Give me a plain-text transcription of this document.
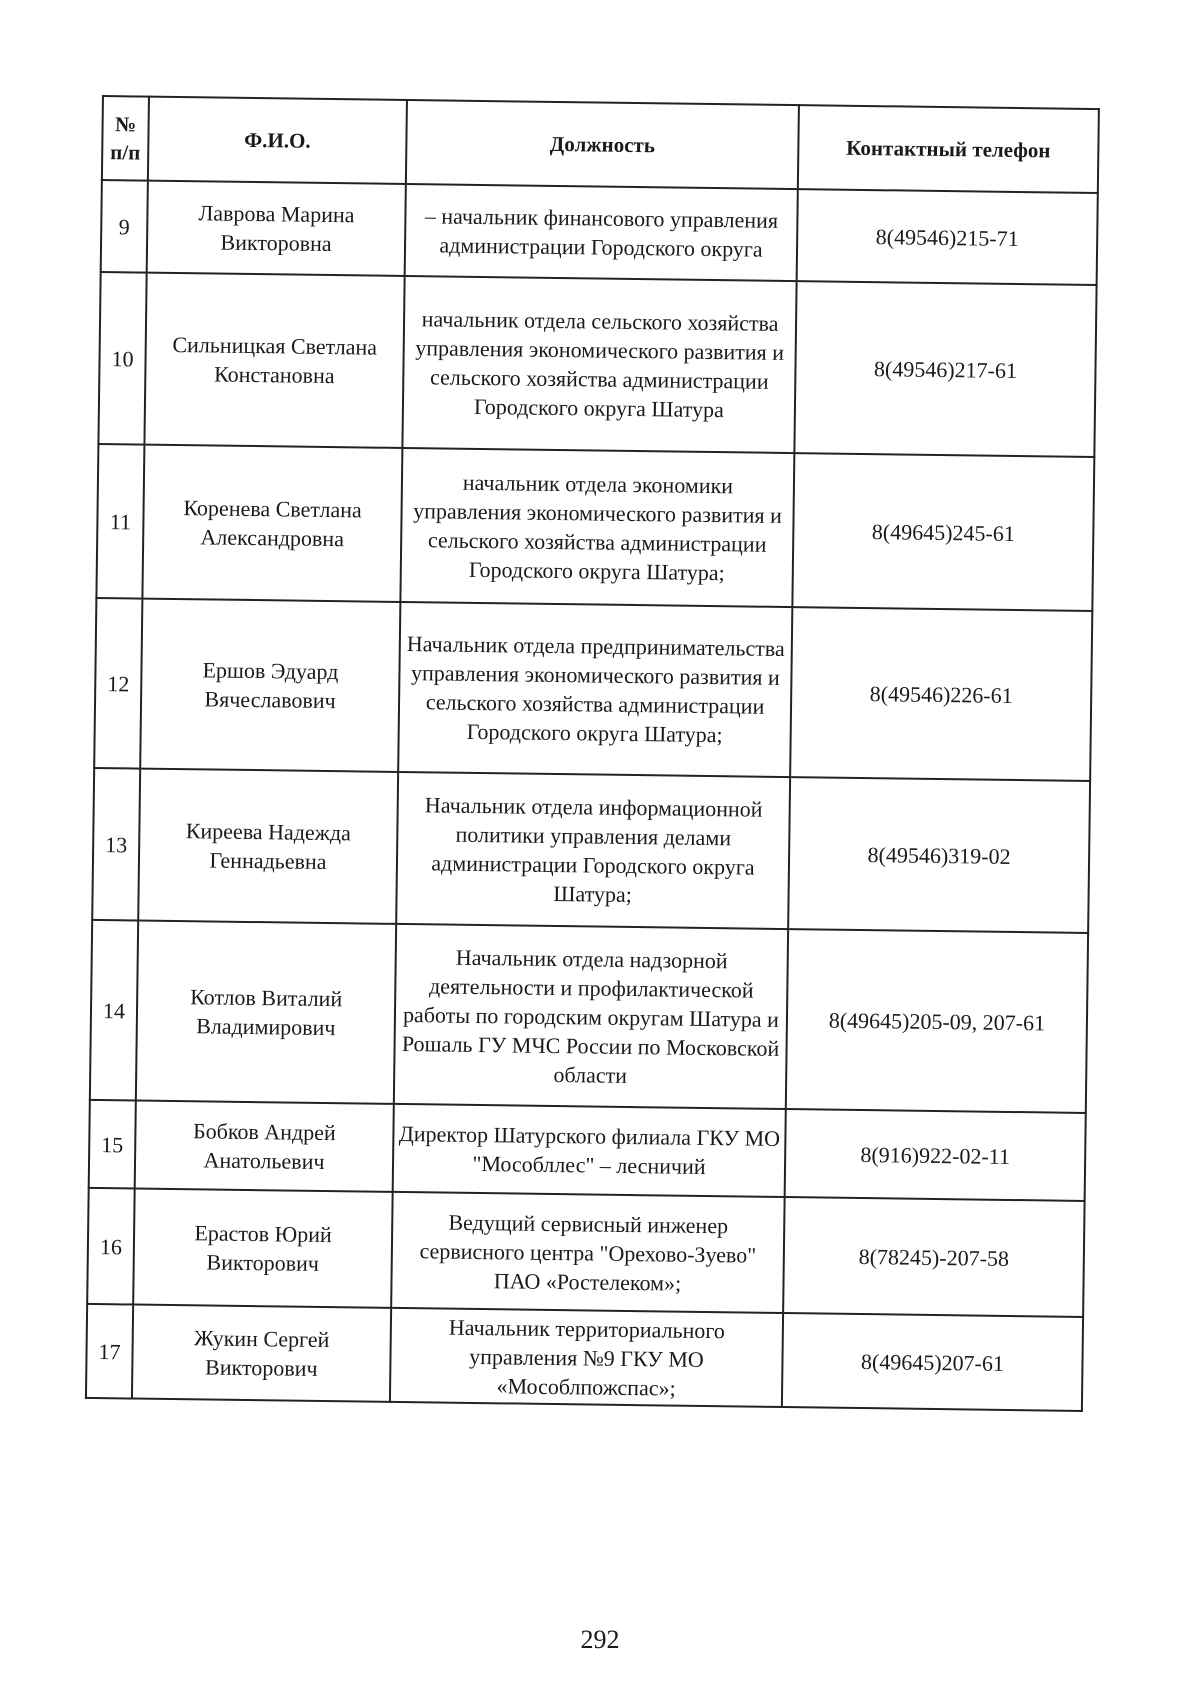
№ п/п	Ф.И.О.	Должность	Контактный телефон
9	Лаврова Марина Викторовна	– начальник финансового управления администрации Городского округа	8(49546)215-71
10	Сильницкая Светлана Констановна	начальник отдела сельского хозяйства управления экономического развития и сельского хозяйства администрации Городского округа Шатура	8(49546)217-61
11	Коренева Светлана Александровна	начальник отдела экономики управления экономического развития и сельского хозяйства администрации Городского округа Шатура;	8(49645)245-61
12	Ершов Эдуард Вячеславович	Начальник отдела предпринимательства управления экономического развития и сельского хозяйства администрации Городского округа Шатура;	8(49546)226-61
13	Киреева Надежда Геннадьевна	Начальник отдела информационной политики управления делами администрации Городского округа Шатура;	8(49546)319-02
14	Котлов Виталий Владимирович	Начальник отдела надзорной деятельности и профилактической работы по городским округам Шатура и Рошаль ГУ МЧС России по Московской области	8(49645)205-09, 207-61
15	Бобков Андрей Анатольевич	Директор Шатурского филиала ГКУ МО "Мособллес" – лесничий	8(916)922-02-11
16	Ерастов Юрий Викторович	Ведущий сервисный инженер сервисного центра "Орехово-Зуево" ПАО «Ростелеком»;	8(78245)-207-58
17	Жукин Сергей Викторович	Начальник территориального управления №9 ГКУ МО «Мособлпожспас»;	8(49645)207-61
292
